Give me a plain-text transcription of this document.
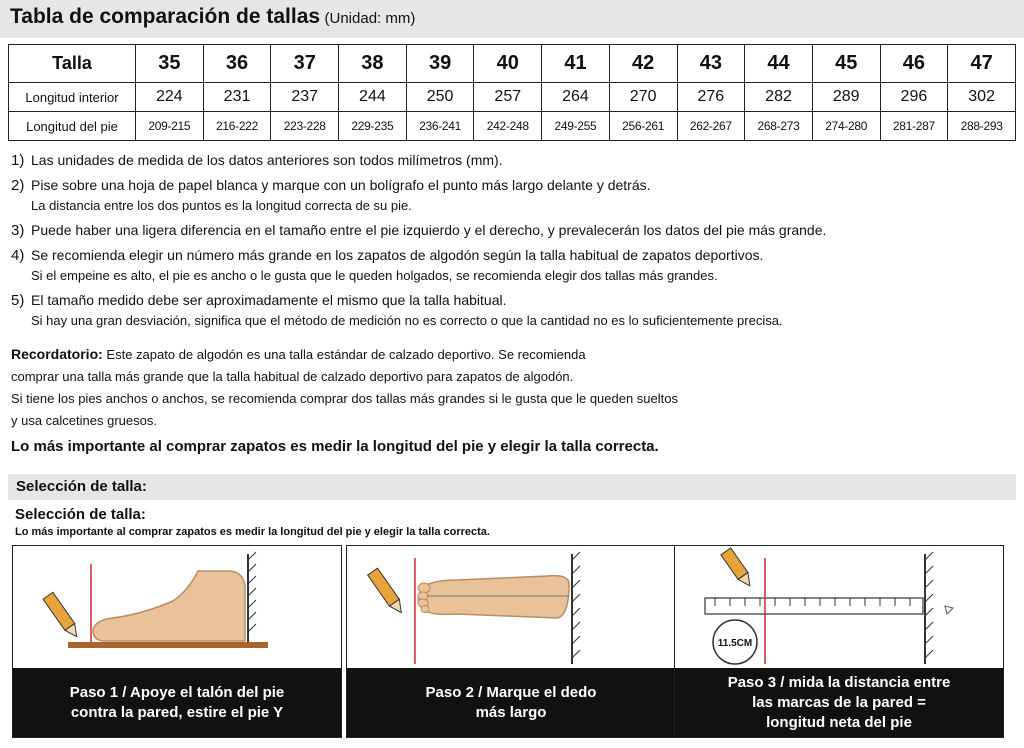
Tabla de comparación de tallas (Unidad: mm)
Talla	35	36	37	38	39	40	41	42	43	44	45	46	47
Longitud interior	224	231	237	244	250	257	264	270	276	282	289	296	302
Longitud del pie	209-215	216-222	223-228	229-235	236-241	242-248	249-255	256-261	262-267	268-273	274-280	281-287	288-293
1) Las unidades de medida de los datos anteriores son todos milímetros (mm).
2) Pise sobre una hoja de papel blanca y marque con un bolígrafo el punto más largo delante y detrás.
La distancia entre los dos puntos es la longitud correcta de su pie.
3) Puede haber una ligera diferencia en el tamaño entre el pie izquierdo y el derecho, y prevalecerán los datos del pie más grande.
4) Se recomienda elegir un número más grande en los zapatos de algodón según la talla habitual de zapatos deportivos.
Si el empeine es alto, el pie es ancho o le gusta que le queden holgados, se recomienda elegir dos tallas más grandes.
5) El tamaño medido debe ser aproximadamente el mismo que la talla habitual.
Si hay una gran desviación, significa que el método de medición no es correcto o que la cantidad no es lo suficientemente precisa.
Recordatorio: Este zapato de algodón es una talla estándar de calzado deportivo. Se recomienda
comprar una talla más grande que la talla habitual de calzado deportivo para zapatos de algodón.
Si tiene los pies anchos o anchos, se recomienda comprar dos tallas más grandes si le gusta que le queden sueltos
y usa calcetines gruesos.
Lo más importante al comprar zapatos es medir la longitud del pie y elegir la talla correcta.
Selección de talla:
Selección de talla:
Lo más importante al comprar zapatos es medir la longitud del pie y elegir la talla correcta.
Paso 1 / Apoye el talón del pie
contra la pared, estire el pie Y
Paso 2 / Marque el dedo
más largo
11.5CM
Paso 3 / mida la distancia entre
las marcas de la pared =
longitud neta del pie
